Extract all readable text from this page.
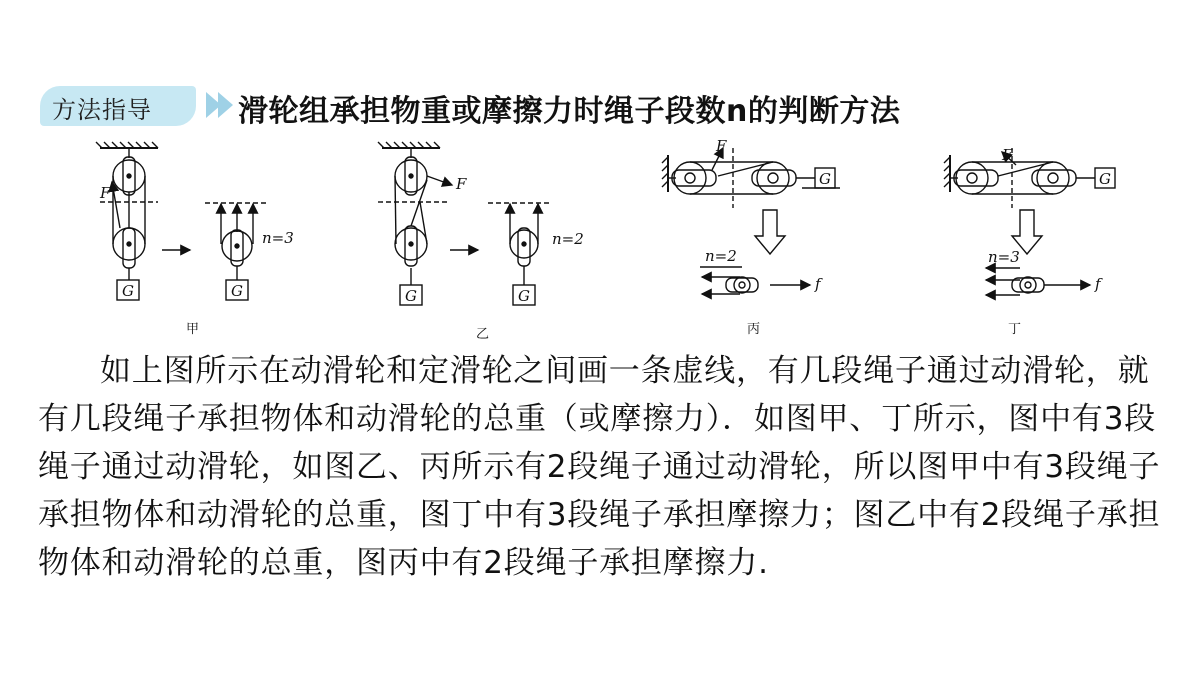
方法指导	滑轮组承担物重或摩擦力时绳子段数n的判断方法
F
G	G
n=3
F
G	G
n=2
F
G
n=2
f
F
G
n=3
f
甲	乙	丙	丁

如上图所示在动滑轮和定滑轮之间画一条虚线，有几段绳子通过动滑轮，就有几段绳子承担物体和动滑轮的总重（或摩擦力）．如图甲、丁所示，图中有3段绳子通过动滑轮，如图乙、丙所示有2段绳子通过动滑轮，所以图甲中有3段绳子承担物体和动滑轮的总重，图丁中有3段绳子承担摩擦力；图乙中有2段绳子承担物体和动滑轮的总重，图丙中有2段绳子承担摩擦力.
